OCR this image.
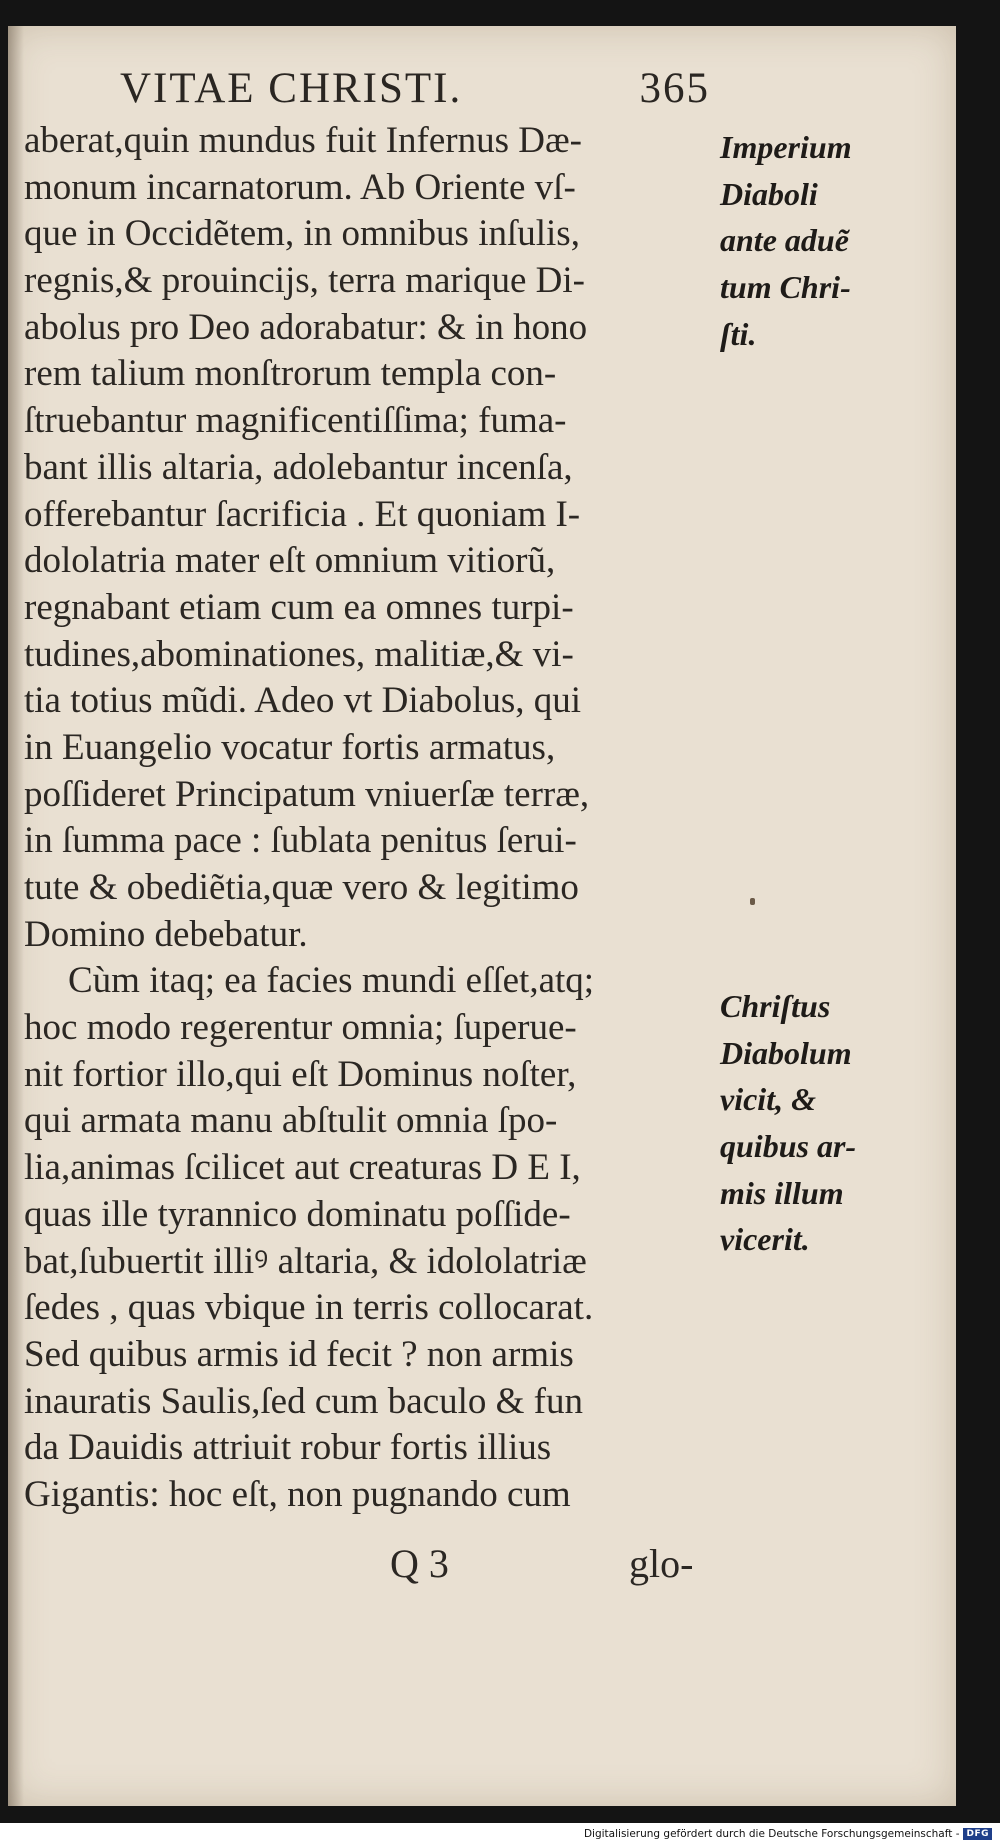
VITAE CHRISTI.	365
aberat,quin mundus fuit Infernus Dæ-
monum incarnatorum. Ab Oriente vſ-
que in Occidẽtem, in omnibus inſulis,
regnis,& prouincijs, terra marique Di-
abolus pro Deo adorabatur: & in hono
rem talium monſtrorum templa con-
ſtruebantur magnificentiſſima; fuma-
bant illis altaria, adolebantur incenſa,
offerebantur ſacrificia . Et quoniam I-
dololatria mater eſt omnium vitiorũ,
regnabant etiam cum ea omnes turpi-
tudines,abominationes, malitiæ,& vi-
tia totius mũdi. Adeo vt Diabolus, qui
in Euangelio vocatur fortis armatus,
poſſideret Principatum vniuerſæ terræ,
in ſumma pace : ſublata penitus ſerui-
tute & obediẽtia,quæ vero & legitimo
Domino debebatur.
Cùm itaq; ea facies mundi eſſet,atq;
hoc modo regerentur omnia; ſuperue-
nit fortior illo,qui eſt Dominus noſter,
qui armata manu abſtulit omnia ſpo-
lia,animas ſcilicet aut creaturas D E I,
quas ille tyrannico dominatu poſſide-
bat,ſubuertit illiꝰ altaria, & idololatriæ
ſedes , quas vbique in terris collocarat.
Sed quibus armis id fecit ? non armis
inauratis Saulis,ſed cum baculo & fun
da Dauidis attriuit robur fortis illius
Gigantis: hoc eſt, non pugnando cum
Imperium
Diaboli
ante aduẽ
tum Chri-
ſti.
Chriſtus
Diabolum
vicit, &
quibus ar-
mis illum
vicerit.
Q 3	glo-
Digitalisierung gefördert durch die Deutsche Forschungsgemeinschaft - DFG
